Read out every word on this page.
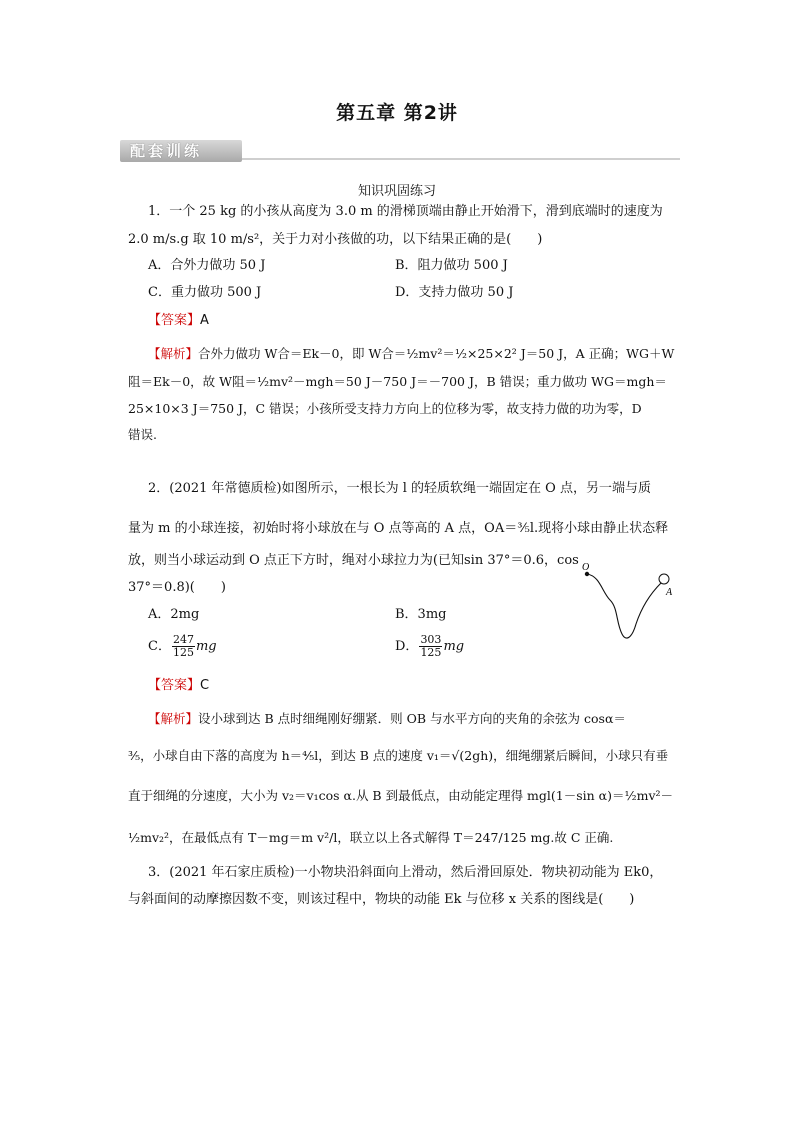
第五章 第2讲
配套训练
知识巩固练习
1．一个 25 kg 的小孩从高度为 3.0 m 的滑梯顶端由静止开始滑下，滑到底端时的速度为
2.0 m/s.g 取 10 m/s²，关于力对小孩做的功，以下结果正确的是(　　)
A．合外力做功 50 J	B．阻力做功 500 J
C．重力做功 500 J	D．支持力做功 50 J
【答案】A
【解析】合外力做功 W合＝Ek－0，即 W合＝½mv²＝½×25×2² J＝50 J，A 正确；WG＋W
阻＝Ek－0，故 W阻＝½mv²－mgh＝50 J－750 J＝－700 J，B 错误；重力做功 WG＝mgh＝
25×10×3 J＝750 J，C 错误；小孩所受支持力方向上的位移为零，故支持力做的功为零，D
错误.
2．(2021 年常德质检)如图所示，一根长为 l 的轻质软绳一端固定在 O 点，另一端与质
量为 m 的小球连接，初始时将小球放在与 O 点等高的 A 点，OA＝⅗l.现将小球由静止状态释
放，则当小球运动到 O 点正下方时，绳对小球拉力为(已知sin 37°＝0.6，cos
37°＝0.8)(　　)
A．2mg	B．3mg
C． $\frac{247}{125}$ mg	D． $\frac{303}{125}$ mg
O
A
【答案】C
【解析】设小球到达 B 点时细绳刚好绷紧．则 OB 与水平方向的夹角的余弦为 cosα＝
⅗，小球自由下落的高度为 h＝⅘l，到达 B 点的速度 v₁＝√(2gh)，细绳绷紧后瞬间，小球只有垂
直于细绳的分速度，大小为 v₂＝v₁cos α.从 B 到最低点，由动能定理得 mgl(1－sin α)＝½mv²－
½mv₂²，在最低点有 T－mg＝m v²/l，联立以上各式解得 T＝247/125 mg.故 C 正确.
3．(2021 年石家庄质检)一小物块沿斜面向上滑动，然后滑回原处．物块初动能为 Ek0，
与斜面间的动摩擦因数不变，则该过程中，物块的动能 Ek 与位移 x 关系的图线是(　　)
